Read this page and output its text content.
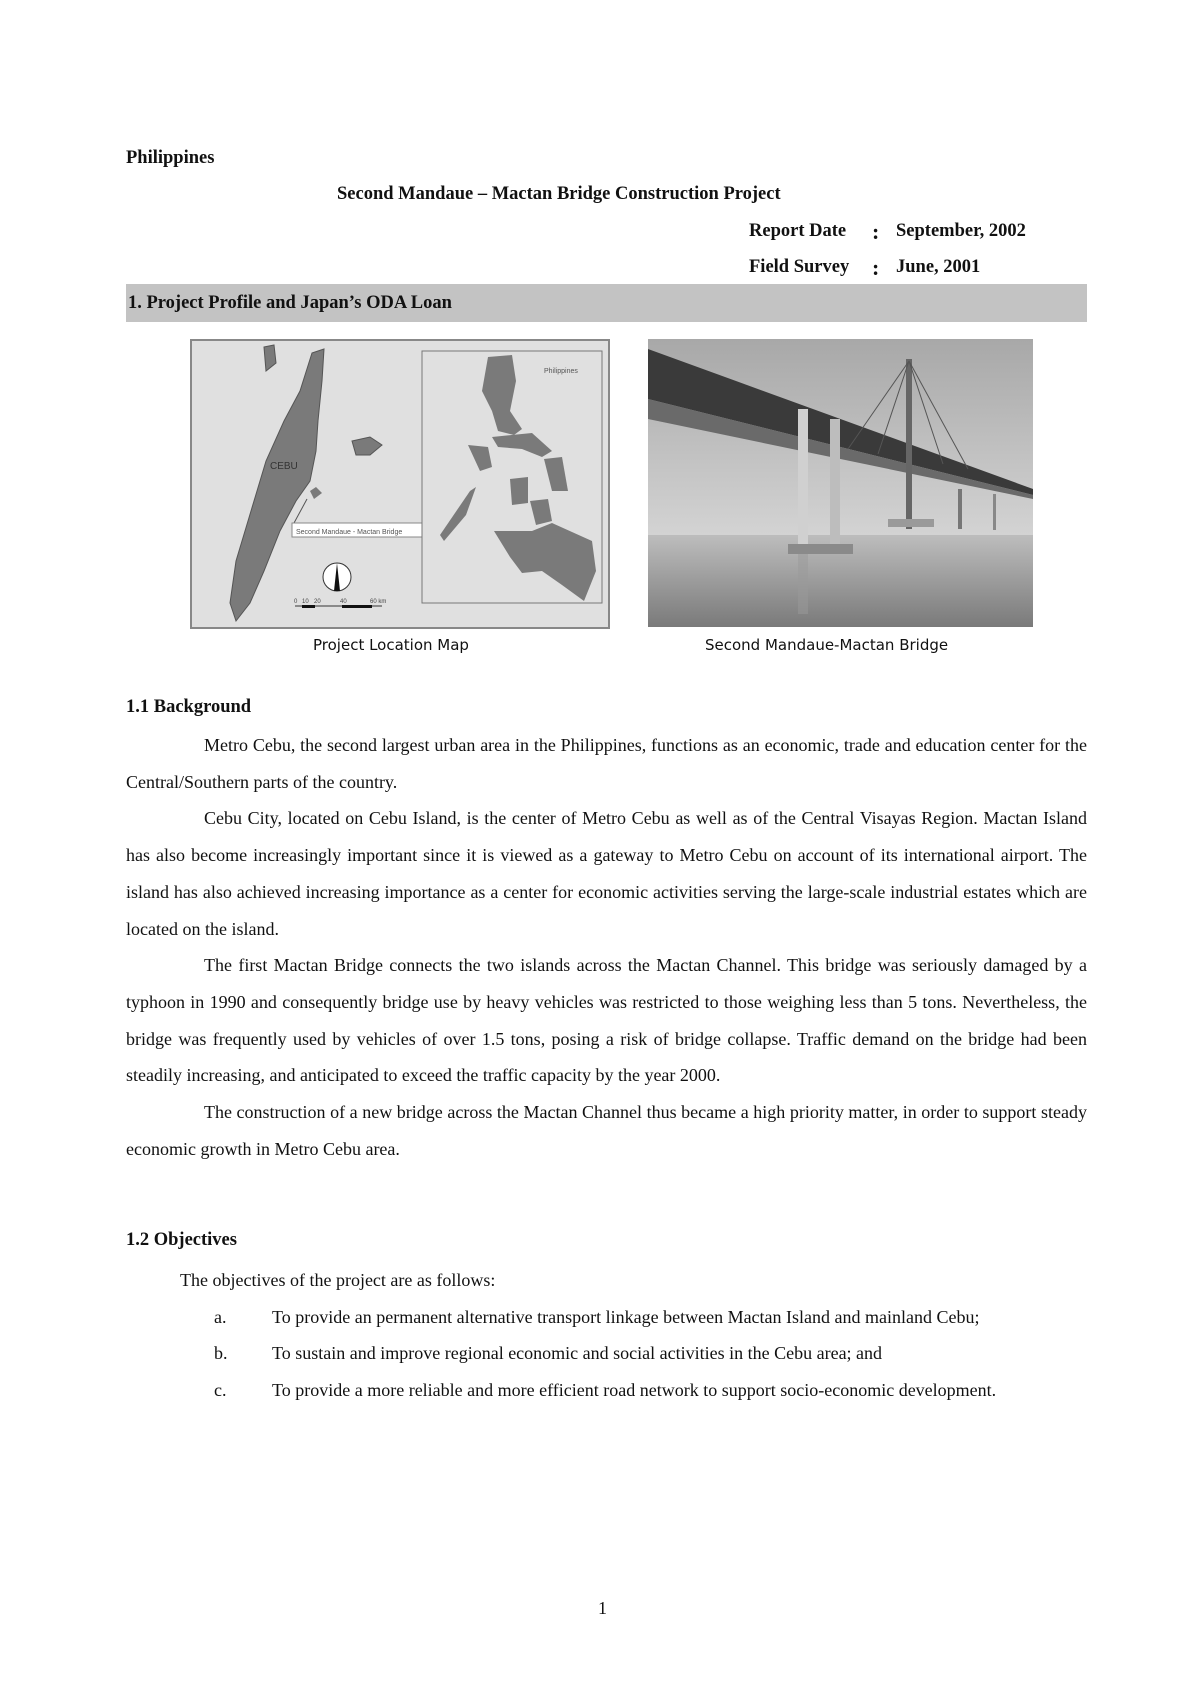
Philippines
Second Mandaue – Mactan Bridge Construction Project
Report Date : September, 2002
Field Survey : June, 2001
1. Project Profile and Japan’s ODA Loan
CEBU
Second Mandaue - Mactan Bridge
0 10 20	40	60 km
Philippines
Project Location Map	Second Mandaue-Mactan Bridge
1.1 Background

Metro Cebu, the second largest urban area in the Philippines, functions as an economic, trade and education center for the Central/Southern parts of the country.

Cebu City, located on Cebu Island, is the center of Metro Cebu as well as of the Central Visayas Region. Mactan Island has also become increasingly important since it is viewed as a gateway to Metro Cebu on account of its international airport. The island has also achieved increasing importance as a center for economic activities serving the large-scale industrial estates which are located on the island.

The first Mactan Bridge connects the two islands across the Mactan Channel. This bridge was seriously damaged by a typhoon in 1990 and consequently bridge use by heavy vehicles was restricted to those weighing less than 5 tons. Nevertheless, the bridge was frequently used by vehicles of over 1.5 tons, posing a risk of bridge collapse. Traffic demand on the bridge had been steadily increasing, and anticipated to exceed the traffic capacity by the year 2000.

The construction of a new bridge across the Mactan Channel thus became a high priority matter, in order to support steady economic growth in Metro Cebu area.

1.2 Objectives
The objectives of the project are as follows:
a.	To provide an permanent alternative transport linkage between Mactan Island and mainland Cebu;
b.	To sustain and improve regional economic and social activities in the Cebu area; and
c.	To provide a more reliable and more efficient road network to support socio-economic development.
1
